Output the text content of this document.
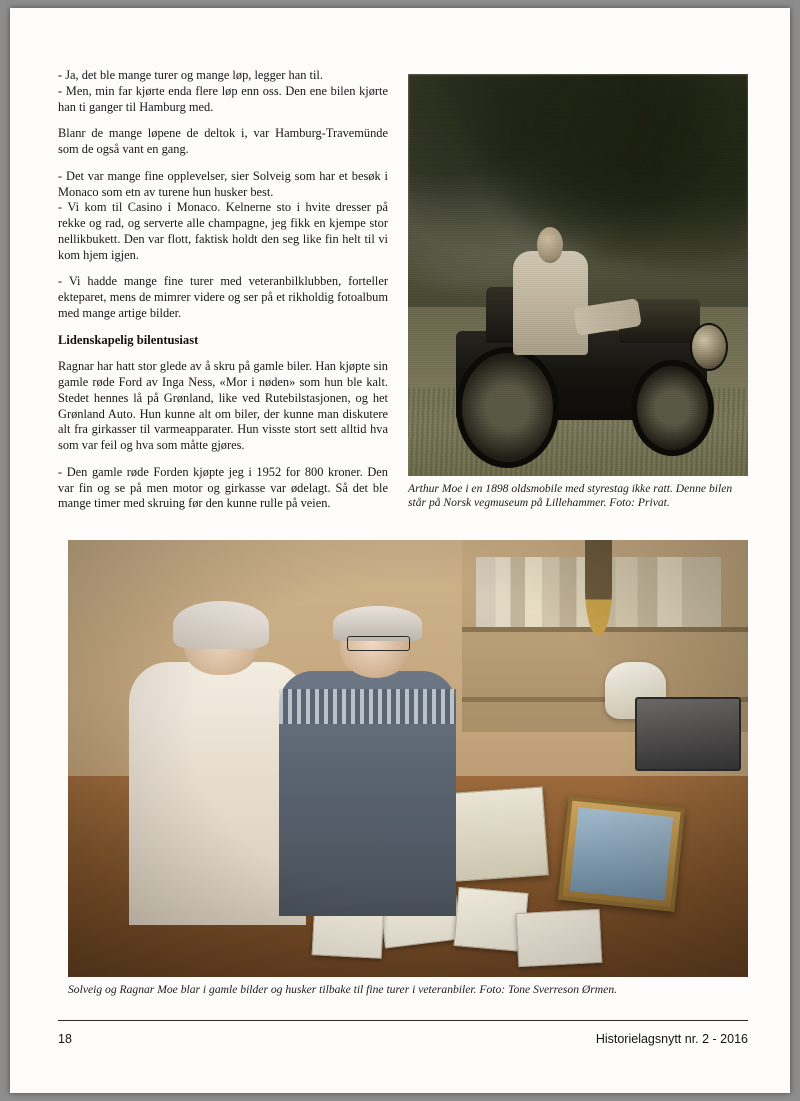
- Ja, det ble mange turer og mange løp, legger han til.

- Men, min far kjørte enda flere løp enn oss. Den ene bilen kjørte han ti ganger til Hamburg med.

Blanr de mange løpene de deltok i, var Hamburg-Travemünde som de også vant en gang.

- Det var mange fine opplevelser, sier Solveig som har et besøk i Monaco som etn av turene hun husker best.

- Vi kom til Casino i Monaco. Kelnerne sto i hvite dresser på rekke og rad, og serverte alle champagne, jeg fikk en kjempe stor nellikbukett. Den var flott, faktisk holdt den seg like fin helt til vi kom hjem igjen.

- Vi hadde mange fine turer med veteranbilklubben, forteller ekteparet, mens de mimrer videre og ser på et rikholdig fotoalbum med mange artige bilder.

Lidenskapelig bilentusiast

Ragnar har hatt stor glede av å skru på gamle biler. Han kjøpte sin gamle røde Ford av Inga Ness, «Mor i nøden» som hun ble kalt. Stedet hennes lå på Grønland, like ved Rutebilstasjonen, og het Grønland Auto. Hun kunne alt om biler, der kunne man diskutere alt fra girkasser til varmeapparater. Hun visste stort sett alltid hva som var feil og hva som måtte gjøres.

- Den gamle røde Forden kjøpte jeg i 1952 for 800 kroner. Den var fin og se på men motor og girkasse var ødelagt. Så det ble mange timer med skruing før den kunne rulle på veien.

Arthur Moe i en 1898 oldsmobile med styrestag ikke ratt. Denne bilen står på Norsk vegmuseum på Lillehammer. Foto: Privat.
Solveig og Ragnar Moe blar i gamle bilder og husker tilbake til fine turer i veteranbiler. Foto: Tone Sverreson Ørmen.
18	Historielagsnytt nr. 2 - 2016
